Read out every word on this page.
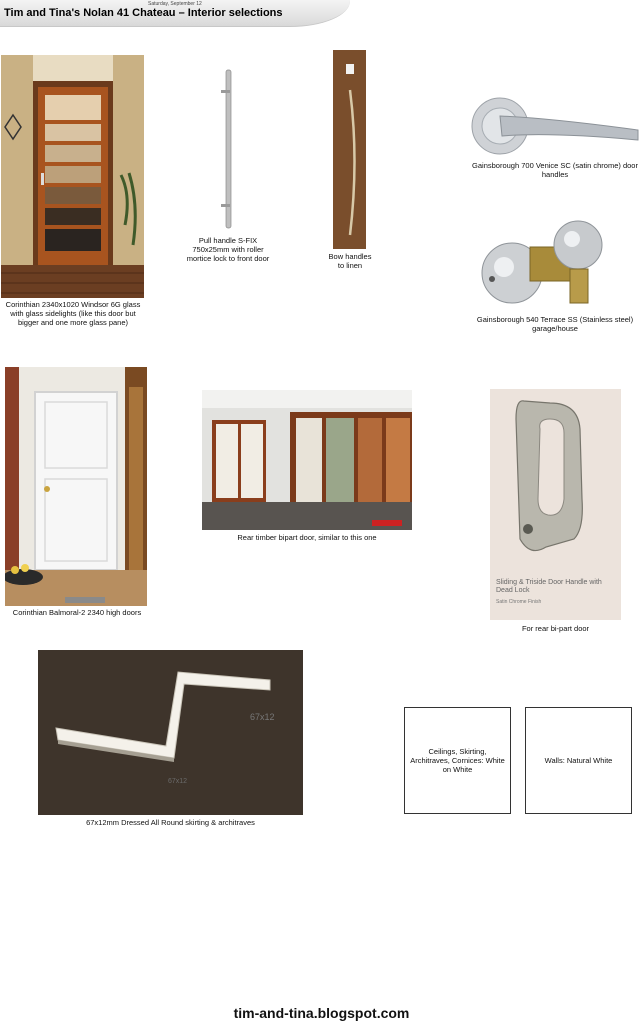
Saturday, September 12
Tim and Tina's Nolan 41 Chateau – Interior selections
Corinthian 2340x1020 Windsor 6G glass with glass sidelights (like this door but bigger and one more glass pane)
Pull handle S-FIX 750x25mm with roller mortice lock to front door	Bow handles to linen
Gainsborough 700 Venice SC (satin chrome) door handles
Gainsborough 540 Terrace SS (Stainless steel) garage/house
Corinthian Balmoral-2 2340 high doors
Rear timber bipart door, similar to this one
Sliding & Triside Door Handle with Dead Lock
Satin Chrome Finish
For rear bi-part door
67x12
67x12
67x12mm Dressed All Round skirting & architraves
Ceilings, Skirting, Architraves, Cornices: White on White
Walls: Natural White
tim-and-tina.blogspot.com
